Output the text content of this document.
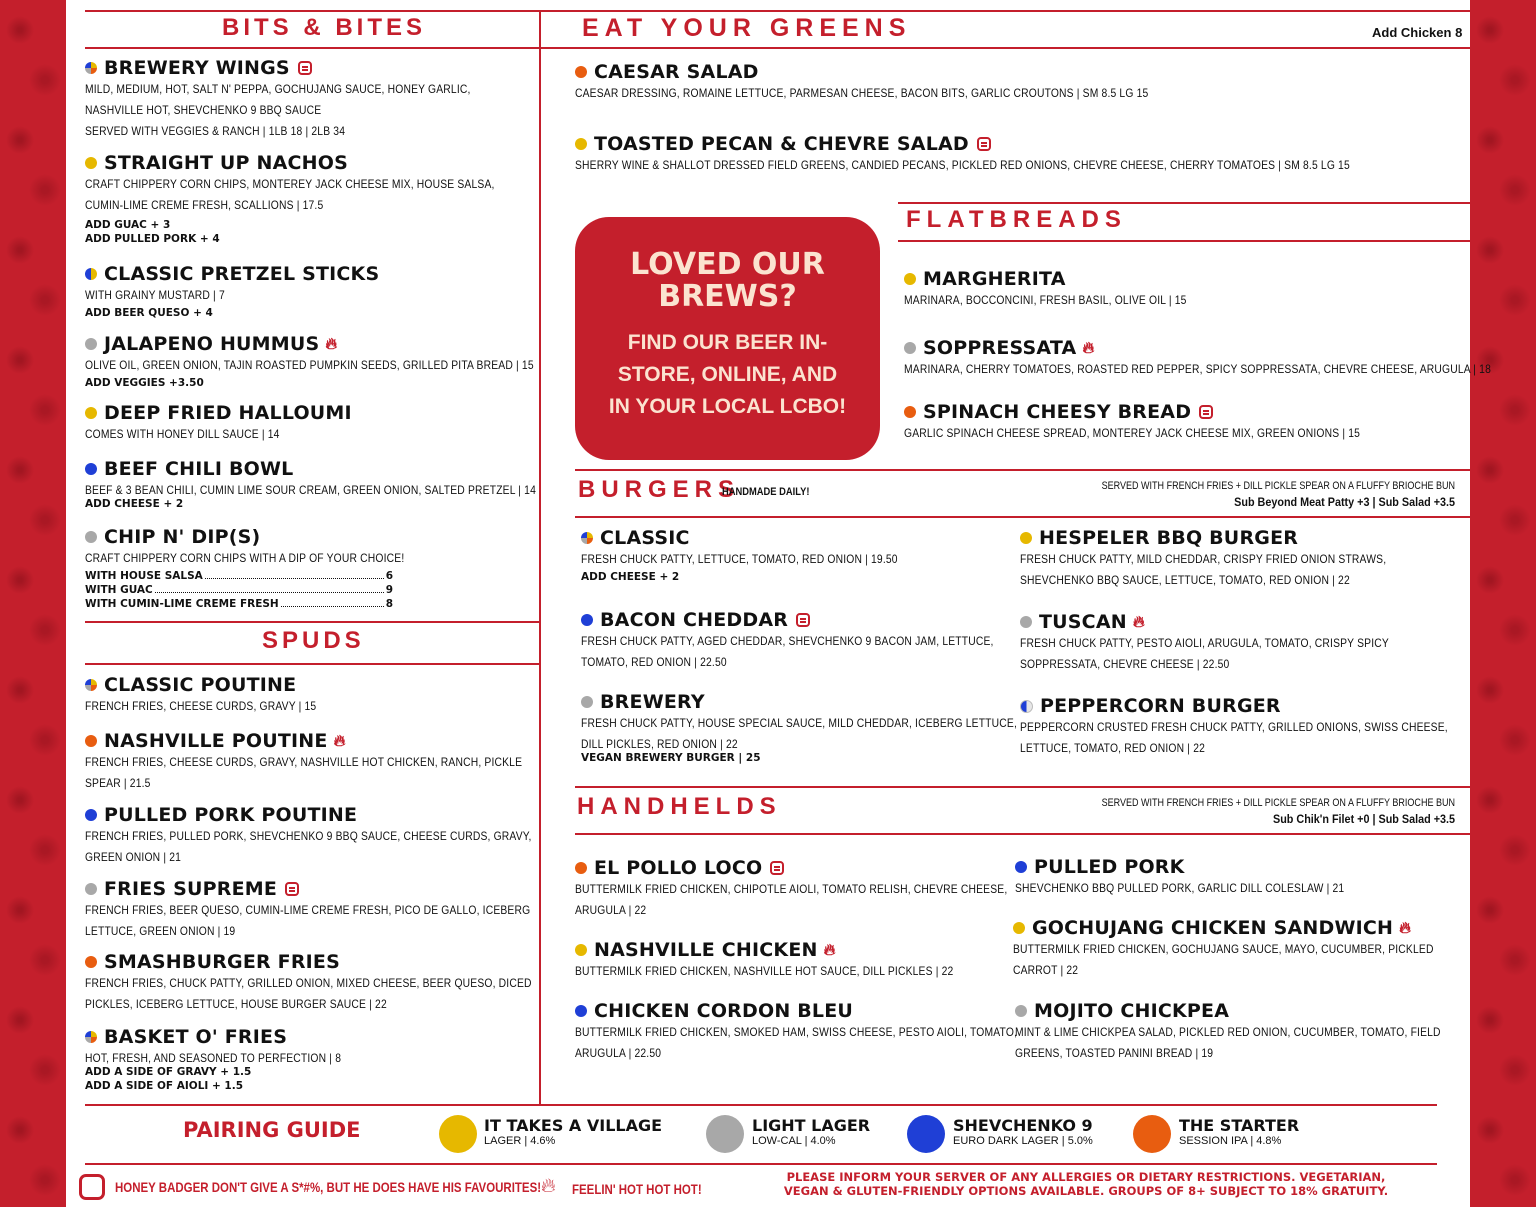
BITS & BITES	EAT YOUR GREENS	Add Chicken 8
SPUDS
FLATBREADS
BURGERS
HANDMADE DAILY!	SERVED WITH FRENCH FRIES + DILL PICKLE SPEAR ON A FLUFFY BRIOCHE BUN
Sub Beyond Meat Patty +3 | Sub Salad +3.5
HANDHELDS	SERVED WITH FRENCH FRIES + DILL PICKLE SPEAR ON A FLUFFY BRIOCHE BUN
Sub Chik'n Filet +0 | Sub Salad +3.5
BREWERY WINGS
MILD, MEDIUM, HOT, SALT N' PEPPA, GOCHUJANG SAUCE, HONEY GARLIC,
NASHVILLE HOT, SHEVCHENKO 9 BBQ SAUCE
SERVED WITH VEGGIES & RANCH | 1LB 18 | 2LB 34
STRAIGHT UP NACHOS
CRAFT CHIPPERY CORN CHIPS, MONTEREY JACK CHEESE MIX, HOUSE SALSA,
CUMIN-LIME CREME FRESH, SCALLIONS | 17.5
ADD GUAC + 3
ADD PULLED PORK + 4
CLASSIC PRETZEL STICKS
WITH GRAINY MUSTARD | 7
ADD BEER QUESO + 4
JALAPENO HUMMUS 🔥︎
OLIVE OIL, GREEN ONION, TAJIN ROASTED PUMPKIN SEEDS, GRILLED PITA BREAD | 15
ADD VEGGIES +3.50
DEEP FRIED HALLOUMI
COMES WITH HONEY DILL SAUCE | 14
BEEF CHILI BOWL
BEEF & 3 BEAN CHILI, CUMIN LIME SOUR CREAM, GREEN ONION, SALTED PRETZEL | 14
ADD CHEESE + 2
CHIP N' DIP(S)
CRAFT CHIPPERY CORN CHIPS WITH A DIP OF YOUR CHOICE!
WITH HOUSE SALSA	6
WITH GUAC	9
WITH CUMIN-LIME CREME FRESH	8
CLASSIC POUTINE
FRENCH FRIES, CHEESE CURDS, GRAVY | 15
NASHVILLE POUTINE 🔥︎
FRENCH FRIES, CHEESE CURDS, GRAVY, NASHVILLE HOT CHICKEN, RANCH, PICKLE
SPEAR | 21.5
PULLED PORK POUTINE
FRENCH FRIES, PULLED PORK, SHEVCHENKO 9 BBQ SAUCE, CHEESE CURDS, GRAVY,
GREEN ONION | 21
FRIES SUPREME
FRENCH FRIES, BEER QUESO, CUMIN-LIME CREME FRESH, PICO DE GALLO, ICEBERG
LETTUCE, GREEN ONION | 19
SMASHBURGER FRIES
FRENCH FRIES, CHUCK PATTY, GRILLED ONION, MIXED CHEESE, BEER QUESO, DICED
PICKLES, ICEBERG LETTUCE, HOUSE BURGER SAUCE | 22
BASKET O' FRIES
HOT, FRESH, AND SEASONED TO PERFECTION | 8
ADD A SIDE OF GRAVY + 1.5
ADD A SIDE OF AIOLI + 1.5
CAESAR SALAD
CAESAR DRESSING, ROMAINE LETTUCE, PARMESAN CHEESE, BACON BITS, GARLIC CROUTONS | SM 8.5 LG 15
TOASTED PECAN & CHEVRE SALAD
SHERRY WINE & SHALLOT DRESSED FIELD GREENS, CANDIED PECANS, PICKLED RED ONIONS, CHEVRE CHEESE, CHERRY TOMATOES | SM 8.5 LG 15
LOVED OUR
BREWS?
FIND OUR BEER IN-
STORE, ONLINE, AND
IN YOUR LOCAL LCBO!
MARGHERITA
MARINARA, BOCCONCINI, FRESH BASIL, OLIVE OIL | 15
SOPPRESSATA 🔥︎
MARINARA, CHERRY TOMATOES, ROASTED RED PEPPER, SPICY SOPPRESSATA, CHEVRE CHEESE, ARUGULA | 18
SPINACH CHEESY BREAD
GARLIC SPINACH CHEESE SPREAD, MONTEREY JACK CHEESE MIX, GREEN ONIONS | 15
CLASSIC
FRESH CHUCK PATTY, LETTUCE, TOMATO, RED ONION | 19.50
ADD CHEESE + 2
BACON CHEDDAR
FRESH CHUCK PATTY, AGED CHEDDAR, SHEVCHENKO 9 BACON JAM, LETTUCE,
TOMATO, RED ONION | 22.50
BREWERY
FRESH CHUCK PATTY, HOUSE SPECIAL SAUCE, MILD CHEDDAR, ICEBERG LETTUCE,
DILL PICKLES, RED ONION | 22
VEGAN BREWERY BURGER | 25
HESPELER BBQ BURGER
FRESH CHUCK PATTY, MILD CHEDDAR, CRISPY FRIED ONION STRAWS,
SHEVCHENKO BBQ SAUCE, LETTUCE, TOMATO, RED ONION | 22
TUSCAN 🔥︎
FRESH CHUCK PATTY, PESTO AIOLI, ARUGULA, TOMATO, CRISPY SPICY
SOPPRESSATA, CHEVRE CHEESE | 22.50
PEPPERCORN BURGER
PEPPERCORN CRUSTED FRESH CHUCK PATTY, GRILLED ONIONS, SWISS CHEESE,
LETTUCE, TOMATO, RED ONION | 22
EL POLLO LOCO
BUTTERMILK FRIED CHICKEN, CHIPOTLE AIOLI, TOMATO RELISH, CHEVRE CHEESE,
ARUGULA | 22
NASHVILLE CHICKEN 🔥︎
BUTTERMILK FRIED CHICKEN, NASHVILLE HOT SAUCE, DILL PICKLES | 22
CHICKEN CORDON BLEU
BUTTERMILK FRIED CHICKEN, SMOKED HAM, SWISS CHEESE, PESTO AIOLI, TOMATO,
ARUGULA | 22.50
PULLED PORK
SHEVCHENKO BBQ PULLED PORK, GARLIC DILL COLESLAW | 21
GOCHUJANG CHICKEN SANDWICH 🔥︎
BUTTERMILK FRIED CHICKEN, GOCHUJANG SAUCE, MAYO, CUCUMBER, PICKLED
CARROT | 22
MOJITO CHICKPEA
MINT & LIME CHICKPEA SALAD, PICKLED RED ONION, CUCUMBER, TOMATO, FIELD
GREENS, TOASTED PANINI BREAD | 19
PAIRING GUIDE	IT TAKES A VILLAGE
LAGER | 4.6%
LIGHT LAGER
LOW-CAL | 4.0%
SHEVCHENKO 9
EURO DARK LAGER | 5.0%
THE STARTER
SESSION IPA | 4.8%
HONEY BADGER DON'T GIVE A S*#%, BUT HE DOES HAVE HIS FAVOURITES! 🔥︎ FEELIN' HOT HOT HOT!
PLEASE INFORM YOUR SERVER OF ANY ALLERGIES OR DIETARY RESTRICTIONS. VEGETARIAN,
VEGAN & GLUTEN-FRIENDLY OPTIONS AVAILABLE. GROUPS OF 8+ SUBJECT TO 18% GRATUITY.
